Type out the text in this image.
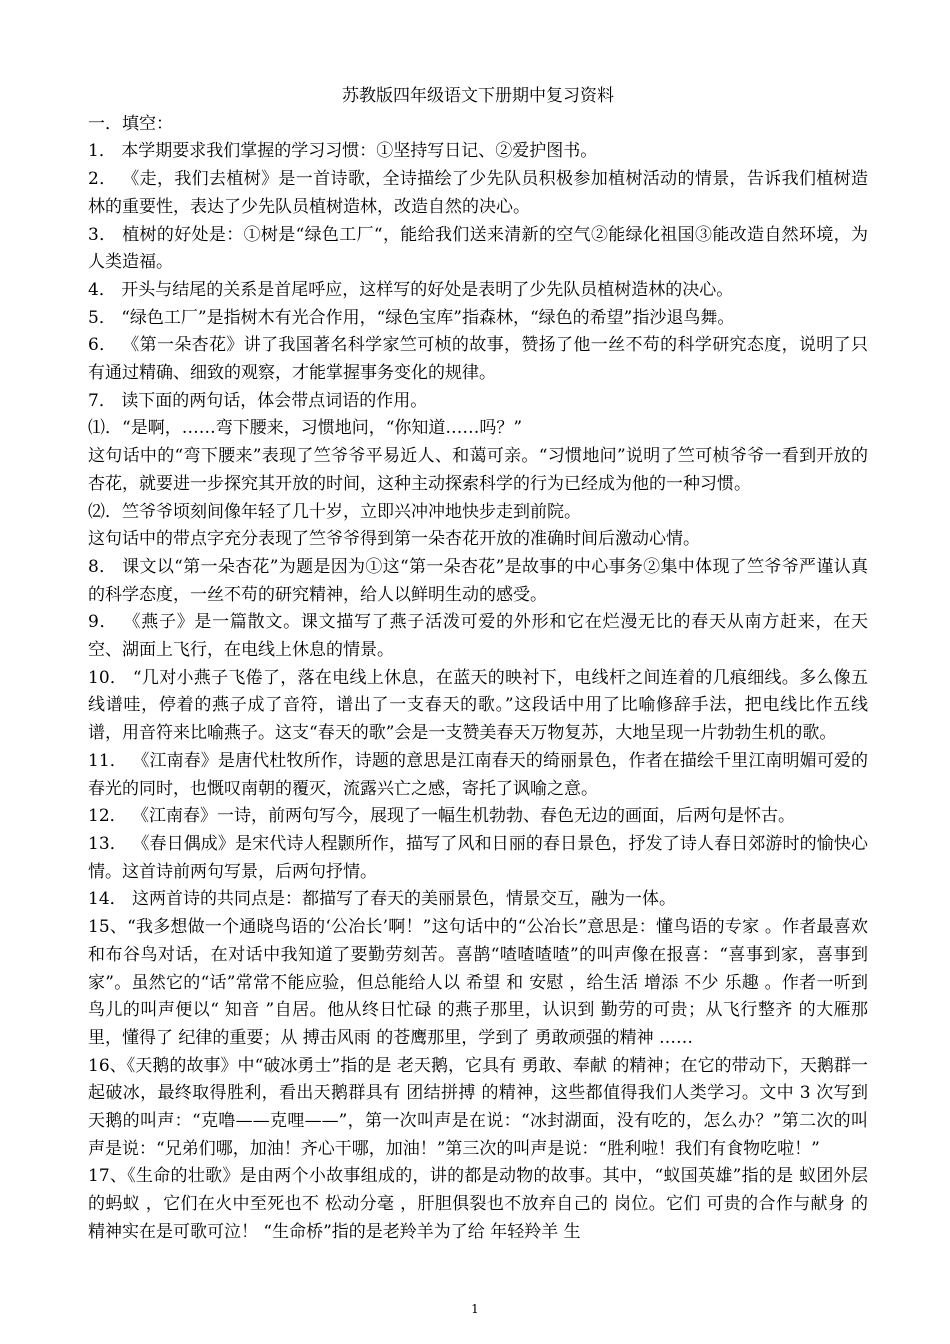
苏教版四年级语文下册期中复习资料

一．填空：

1． 本学期要求我们掌握的学习习惯：①坚持写日记、②爱护图书。

2． 《走，我们去植树》是一首诗歌，全诗描绘了少先队员积极参加植树活动的情景，告诉我们植树造林的重要性，表达了少先队员植树造林，改造自然的决心。

3． 植树的好处是：①树是“绿色工厂“，能给我们送来清新的空气②能绿化祖国③能改造自然环境，为人类造福。

4． 开头与结尾的关系是首尾呼应，这样写的好处是表明了少先队员植树造林的决心。

5． “绿色工厂”是指树木有光合作用，“绿色宝库”指森林，“绿色的希望”指沙退鸟舞。

6． 《第一朵杏花》讲了我国著名科学家竺可桢的故事，赞扬了他一丝不苟的科学研究态度，说明了只有通过精确、细致的观察，才能掌握事务变化的规律。

7． 读下面的两句话，体会带点词语的作用。

⑴．“是啊，……弯下腰来，习惯地问，“你知道……吗？”

这句话中的“弯下腰来”表现了竺爷爷平易近人、和蔼可亲。“习惯地问”说明了竺可桢爷爷一看到开放的杏花，就要进一步探究其开放的时间，这种主动探索科学的行为已经成为他的一种习惯。

⑵．竺爷爷顷刻间像年轻了几十岁，立即兴冲冲地快步走到前院。

这句话中的带点字充分表现了竺爷爷得到第一朵杏花开放的准确时间后激动心情。

8． 课文以“第一朵杏花”为题是因为①这“第一朵杏花”是故事的中心事务②集中体现了竺爷爷严谨认真的科学态度，一丝不苟的研究精神，给人以鲜明生动的感受。

9． 《燕子》是一篇散文。课文描写了燕子活泼可爱的外形和它在烂漫无比的春天从南方赶来，在天空、湖面上飞行，在电线上休息的情景。

10． “几对小燕子飞倦了，落在电线上休息，在蓝天的映衬下，电线杆之间连着的几痕细线。多么像五线谱哇，停着的燕子成了音符，谱出了一支春天的歌。”这段话中用了比喻修辞手法，把电线比作五线谱，用音符来比喻燕子。这支“春天的歌”会是一支赞美春天万物复苏，大地呈现一片勃勃生机的歌。

11． 《江南春》是唐代杜牧所作，诗题的意思是江南春天的绮丽景色，作者在描绘千里江南明媚可爱的春光的同时，也慨叹南朝的覆灭，流露兴亡之感，寄托了讽喻之意。

12． 《江南春》一诗，前两句写今，展现了一幅生机勃勃、春色无边的画面，后两句是怀古。

13． 《春日偶成》是宋代诗人程颢所作，描写了风和日丽的春日景色，抒发了诗人春日郊游时的愉快心情。这首诗前两句写景，后两句抒情。

14． 这两首诗的共同点是：都描写了春天的美丽景色，情景交互，融为一体。

15、“我多想做一个通晓鸟语的‘公冶长’啊！”这句话中的“公冶长”意思是：懂鸟语的专家 。作者最喜欢和布谷鸟对话，在对话中我知道了要勤劳刻苦。喜鹊“喳喳喳喳”的叫声像在报喜：“喜事到家，喜事到家”。虽然它的“话”常常不能应验，但总能给人以 希望 和 安慰 ，给生活 增添 不少 乐趣 。作者一听到鸟儿的叫声便以“ 知音 ”自居。他从终日忙碌 的燕子那里，认识到 勤劳的可贵；从飞行整齐 的大雁那里，懂得了 纪律的重要；从 搏击风雨 的苍鹰那里，学到了 勇敢顽强的精神 ……

16、《天鹅的故事》中“破冰勇士”指的是 老天鹅，它具有 勇敢、奉献 的精神；在它的带动下，天鹅群一起破冰，最终取得胜利，看出天鹅群具有 团结拼搏 的精神，这些都值得我们人类学习。文中 3 次写到天鹅的叫声：“克噜——克哩——”，第一次叫声是在说：“冰封湖面，没有吃的，怎么办？”第二次的叫声是说：“兄弟们哪，加油！齐心干哪，加油！”第三次的叫声是说：“胜利啦！我们有食物吃啦！”

17、《生命的壮歌》是由两个小故事组成的，讲的都是动物的故事。其中，“蚁国英雄”指的是 蚁团外层的蚂蚁 ，它们在火中至死也不 松动分毫 ，肝胆俱裂也不放弃自己的 岗位。它们 可贵的合作与献身 的精神实在是可歌可泣！ “生命桥”指的是老羚羊为了给 年轻羚羊 生

1
